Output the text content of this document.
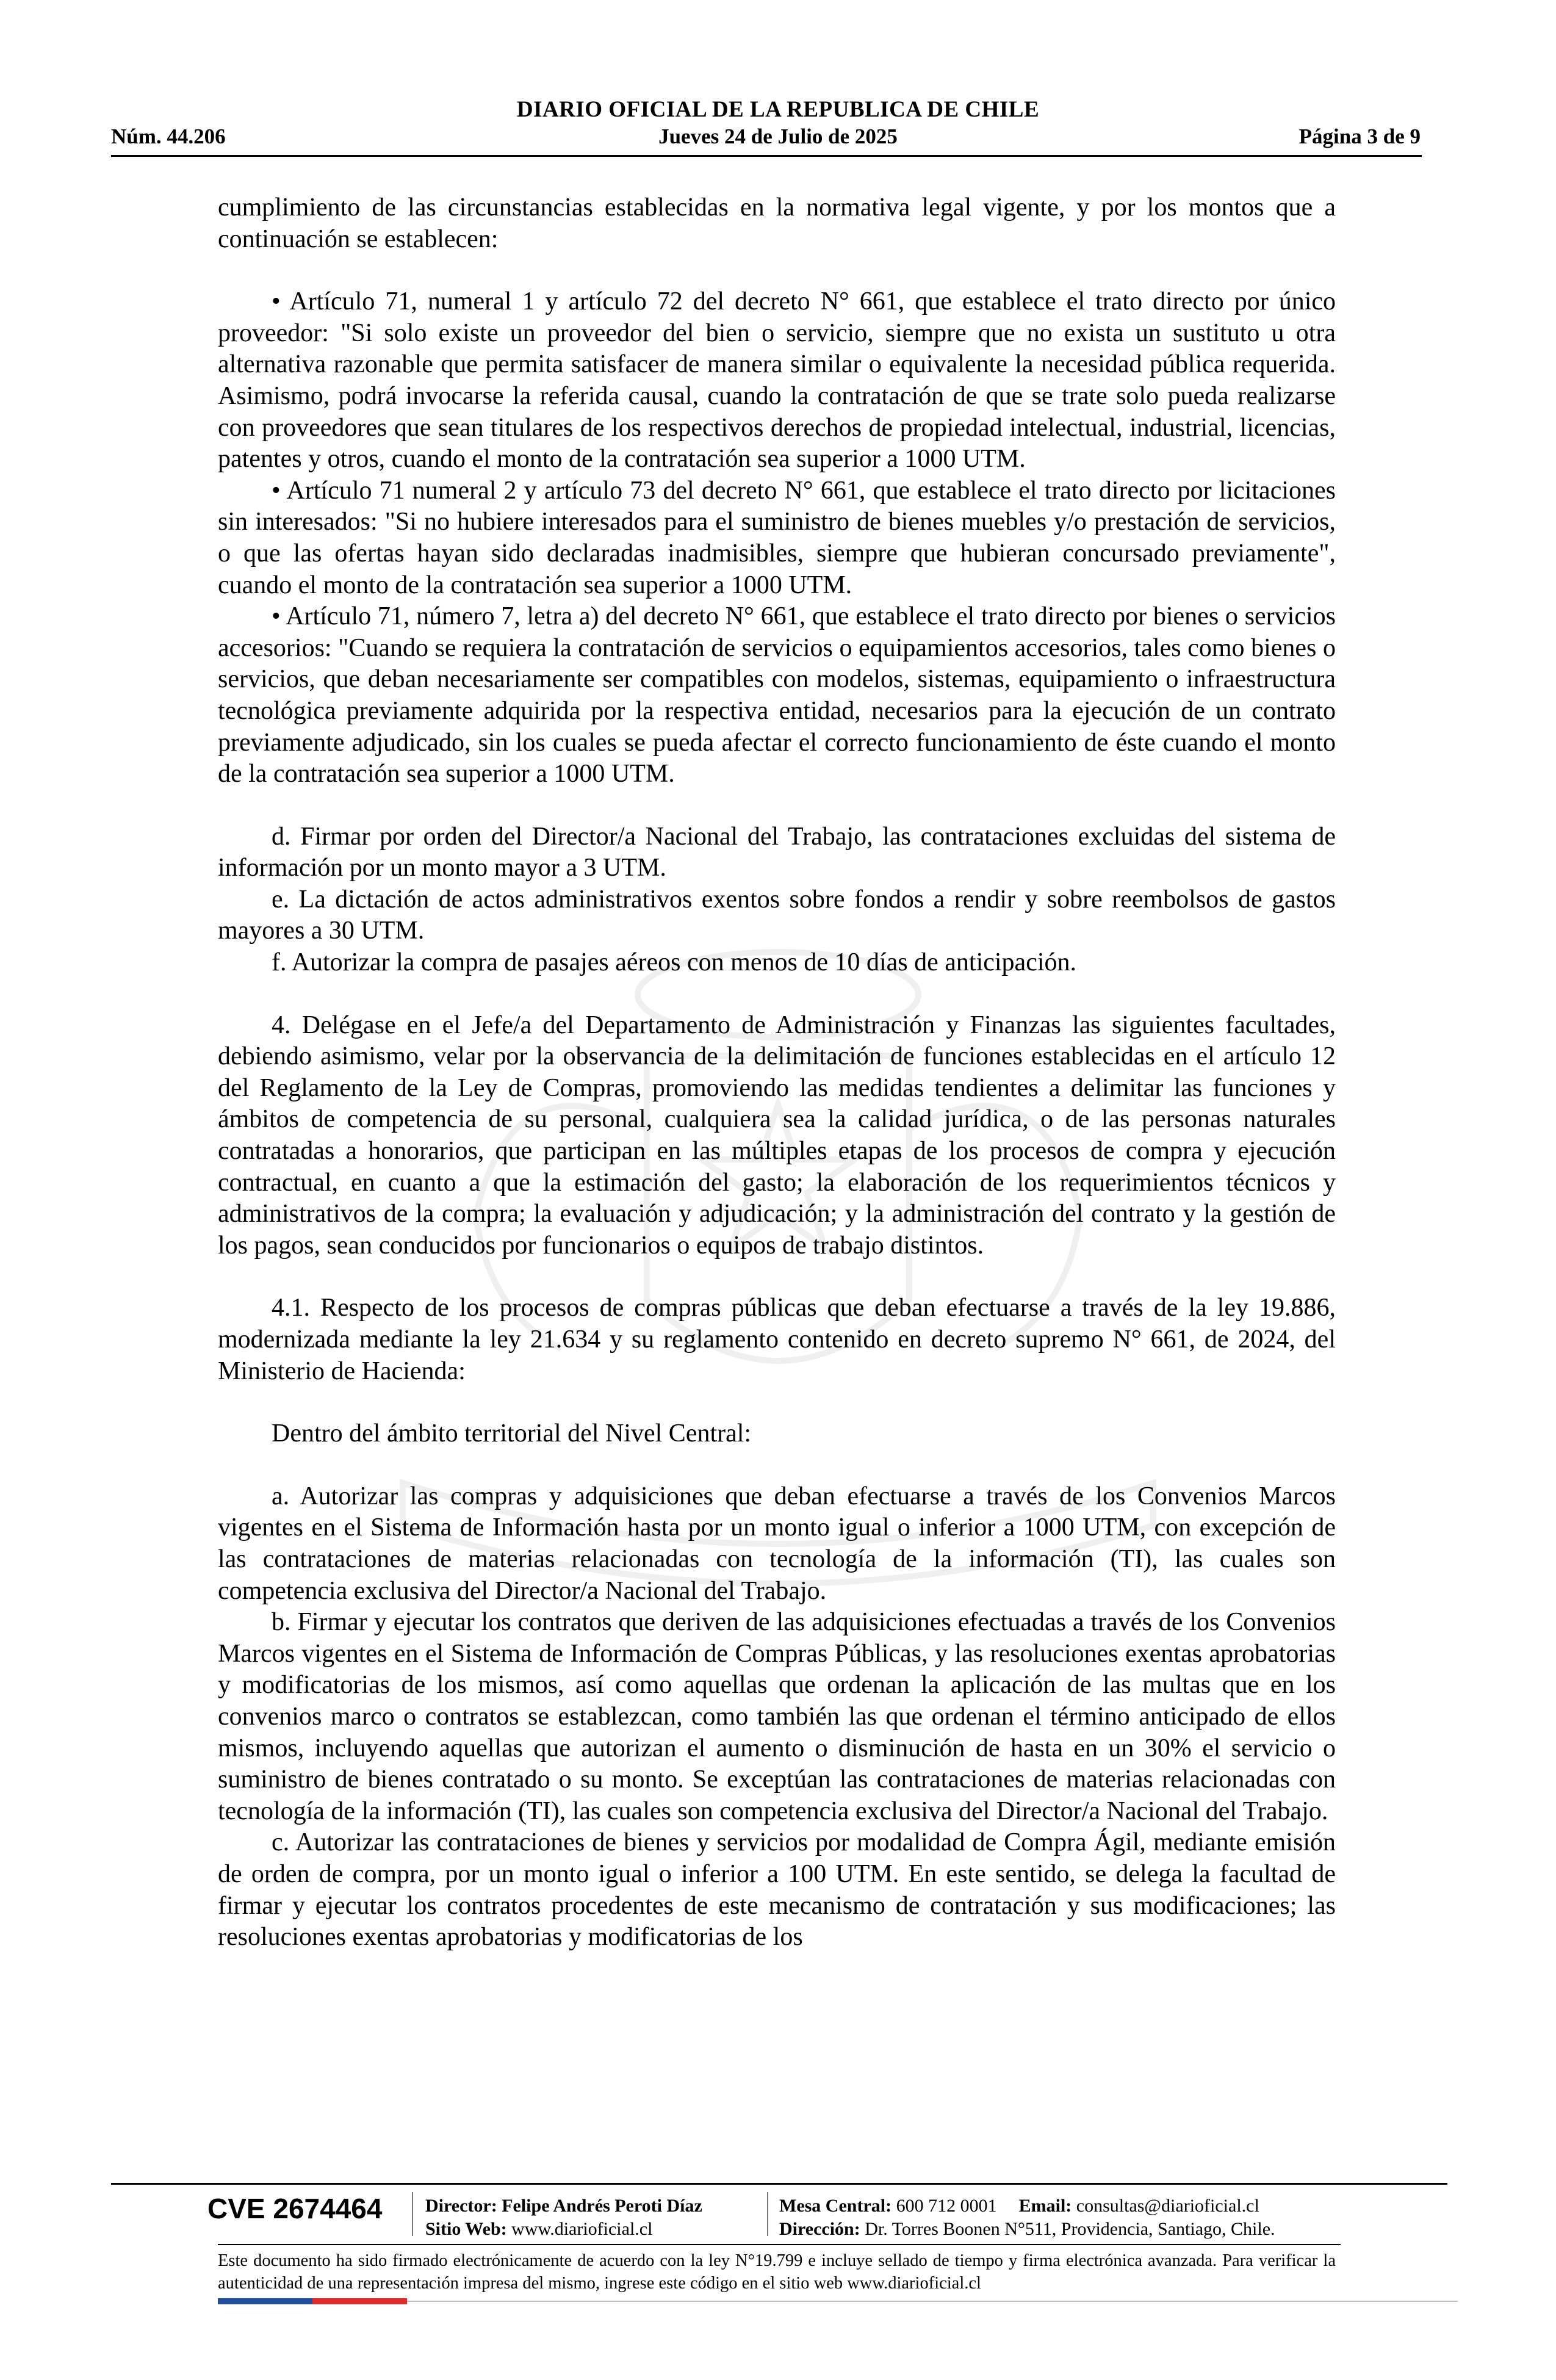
DIARIO OFICIAL DE LA REPUBLICA DE CHILE
Núm. 44.206	Jueves 24 de Julio de 2025	Página 3 de 9

cumplimiento de las circunstancias establecidas en la normativa legal vigente, y por los montos que a continuación se establecen:

• Artículo 71, numeral 1 y artículo 72 del decreto N° 661, que establece el trato directo por único proveedor: "Si solo existe un proveedor del bien o servicio, siempre que no exista un sustituto u otra alternativa razonable que permita satisfacer de manera similar o equivalente la necesidad pública requerida. Asimismo, podrá invocarse la referida causal, cuando la contratación de que se trate solo pueda realizarse con proveedores que sean titulares de los respectivos derechos de propiedad intelectual, industrial, licencias, patentes y otros, cuando el monto de la contratación sea superior a 1000 UTM.

• Artículo 71 numeral 2 y artículo 73 del decreto N° 661, que establece el trato directo por licitaciones sin interesados: "Si no hubiere interesados para el suministro de bienes muebles y/o prestación de servicios, o que las ofertas hayan sido declaradas inadmisibles, siempre que hubieran concursado previamente", cuando el monto de la contratación sea superior a 1000 UTM.

• Artículo 71, número 7, letra a) del decreto N° 661, que establece el trato directo por bienes o servicios accesorios: "Cuando se requiera la contratación de servicios o equipamientos accesorios, tales como bienes o servicios, que deban necesariamente ser compatibles con modelos, sistemas, equipamiento o infraestructura tecnológica previamente adquirida por la respectiva entidad, necesarios para la ejecución de un contrato previamente adjudicado, sin los cuales se pueda afectar el correcto funcionamiento de éste cuando el monto de la contratación sea superior a 1000 UTM.

d. Firmar por orden del Director/a Nacional del Trabajo, las contrataciones excluidas del sistema de información por un monto mayor a 3 UTM.

e. La dictación de actos administrativos exentos sobre fondos a rendir y sobre reembolsos de gastos mayores a 30 UTM.

f. Autorizar la compra de pasajes aéreos con menos de 10 días de anticipación.

4. Delégase en el Jefe/a del Departamento de Administración y Finanzas las siguientes facultades, debiendo asimismo, velar por la observancia de la delimitación de funciones establecidas en el artículo 12 del Reglamento de la Ley de Compras, promoviendo las medidas tendientes a delimitar las funciones y ámbitos de competencia de su personal, cualquiera sea la calidad jurídica, o de las personas naturales contratadas a honorarios, que participan en las múltiples etapas de los procesos de compra y ejecución contractual, en cuanto a que la estimación del gasto; la elaboración de los requerimientos técnicos y administrativos de la compra; la evaluación y adjudicación; y la administración del contrato y la gestión de los pagos, sean conducidos por funcionarios o equipos de trabajo distintos.

4.1. Respecto de los procesos de compras públicas que deban efectuarse a través de la ley 19.886, modernizada mediante la ley 21.634 y su reglamento contenido en decreto supremo N° 661, de 2024, del Ministerio de Hacienda:

Dentro del ámbito territorial del Nivel Central:

a. Autorizar las compras y adquisiciones que deban efectuarse a través de los Convenios Marcos vigentes en el Sistema de Información hasta por un monto igual o inferior a 1000 UTM, con excepción de las contrataciones de materias relacionadas con tecnología de la información (TI), las cuales son competencia exclusiva del Director/a Nacional del Trabajo.

b. Firmar y ejecutar los contratos que deriven de las adquisiciones efectuadas a través de los Convenios Marcos vigentes en el Sistema de Información de Compras Públicas, y las resoluciones exentas aprobatorias y modificatorias de los mismos, así como aquellas que ordenan la aplicación de las multas que en los convenios marco o contratos se establezcan, como también las que ordenan el término anticipado de ellos mismos, incluyendo aquellas que autorizan el aumento o disminución de hasta en un 30% el servicio o suministro de bienes contratado o su monto. Se exceptúan las contrataciones de materias relacionadas con tecnología de la información (TI), las cuales son competencia exclusiva del Director/a Nacional del Trabajo.

c. Autorizar las contrataciones de bienes y servicios por modalidad de Compra Ágil, mediante emisión de orden de compra, por un monto igual o inferior a 100 UTM. En este sentido, se delega la facultad de firmar y ejecutar los contratos procedentes de este mecanismo de contratación y sus modificaciones; las resoluciones exentas aprobatorias y modificatorias de los

CVE 2674464 Director: Felipe Andrés Peroti Díaz
Sitio Web: www.diarioficial.cl
Mesa Central: 600 712 0001 Email: consultas@diarioficial.cl
Dirección: Dr. Torres Boonen N°511, Providencia, Santiago, Chile.
Este documento ha sido firmado electrónicamente de acuerdo con la ley N°19.799 e incluye sellado de tiempo y firma electrónica avanzada. Para verificar la autenticidad de una representación impresa del mismo, ingrese este código en el sitio web www.diarioficial.cl
